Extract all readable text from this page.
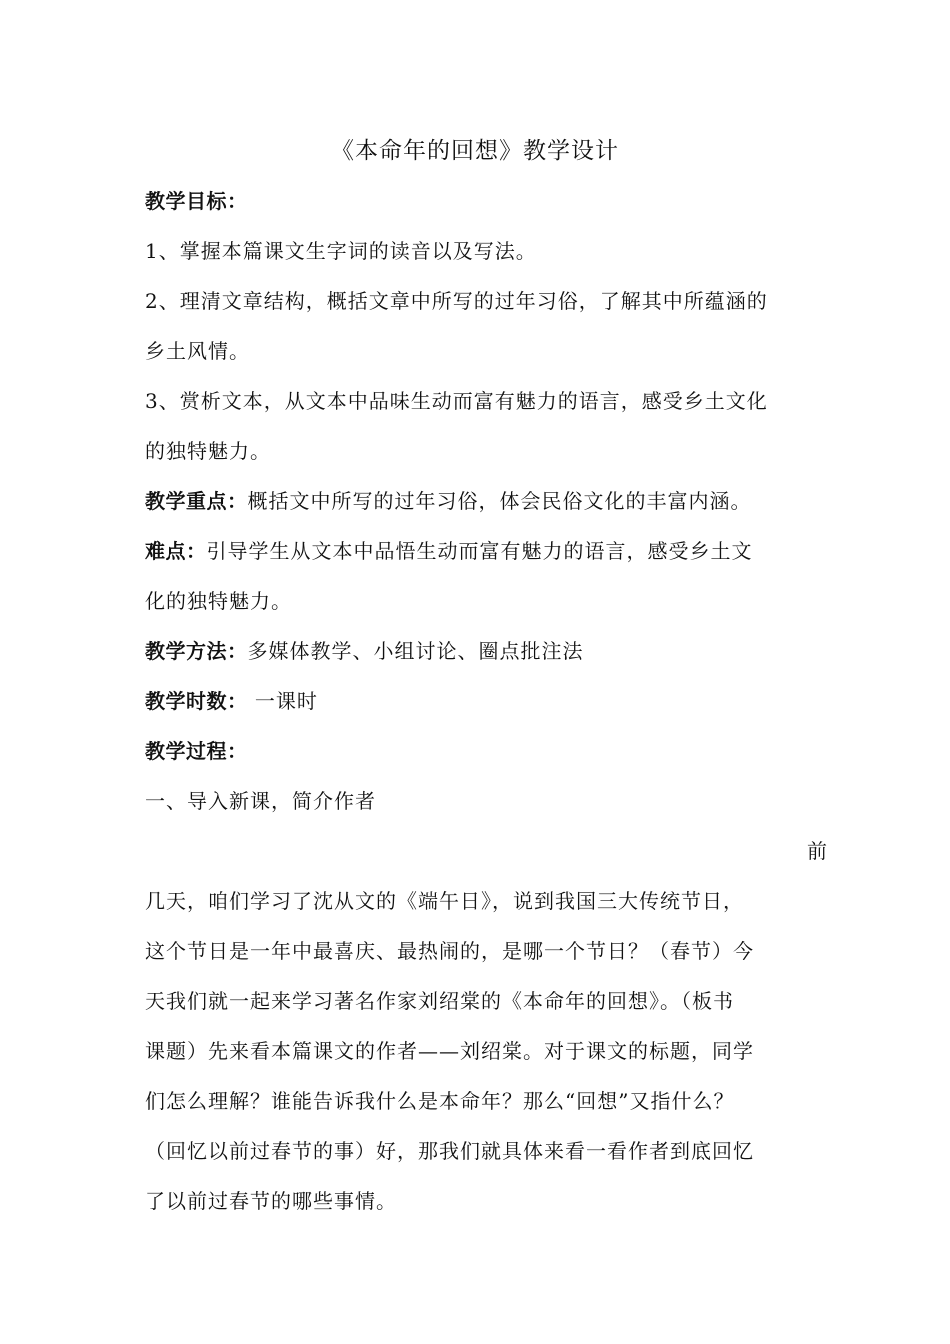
《本命年的回想》教学设计
教学目标：
1、掌握本篇课文生字词的读音以及写法。
2、理清文章结构，概括文章中所写的过年习俗，了解其中所蕴涵的
乡土风情。
3、赏析文本，从文本中品味生动而富有魅力的语言，感受乡土文化
的独特魅力。
教学重点：概括文中所写的过年习俗，体会民俗文化的丰富内涵。
难点：引导学生从文本中品悟生动而富有魅力的语言，感受乡土文
化的独特魅力。
教学方法：多媒体教学、小组讨论、圈点批注法
教学时数： 一课时
教学过程：
一、导入新课，简介作者
前
几天，咱们学习了沈从文的《端午日》，说到我国三大传统节日，
这个节日是一年中最喜庆、最热闹的，是哪一个节日？（春节）今
天我们就一起来学习著名作家刘绍棠的《本命年的回想》。（板书
课题）先来看本篇课文的作者——刘绍棠。对于课文的标题，同学
们怎么理解？谁能告诉我什么是本命年？那么“回想”又指什么？
（回忆以前过春节的事）好，那我们就具体来看一看作者到底回忆
了以前过春节的哪些事情。
